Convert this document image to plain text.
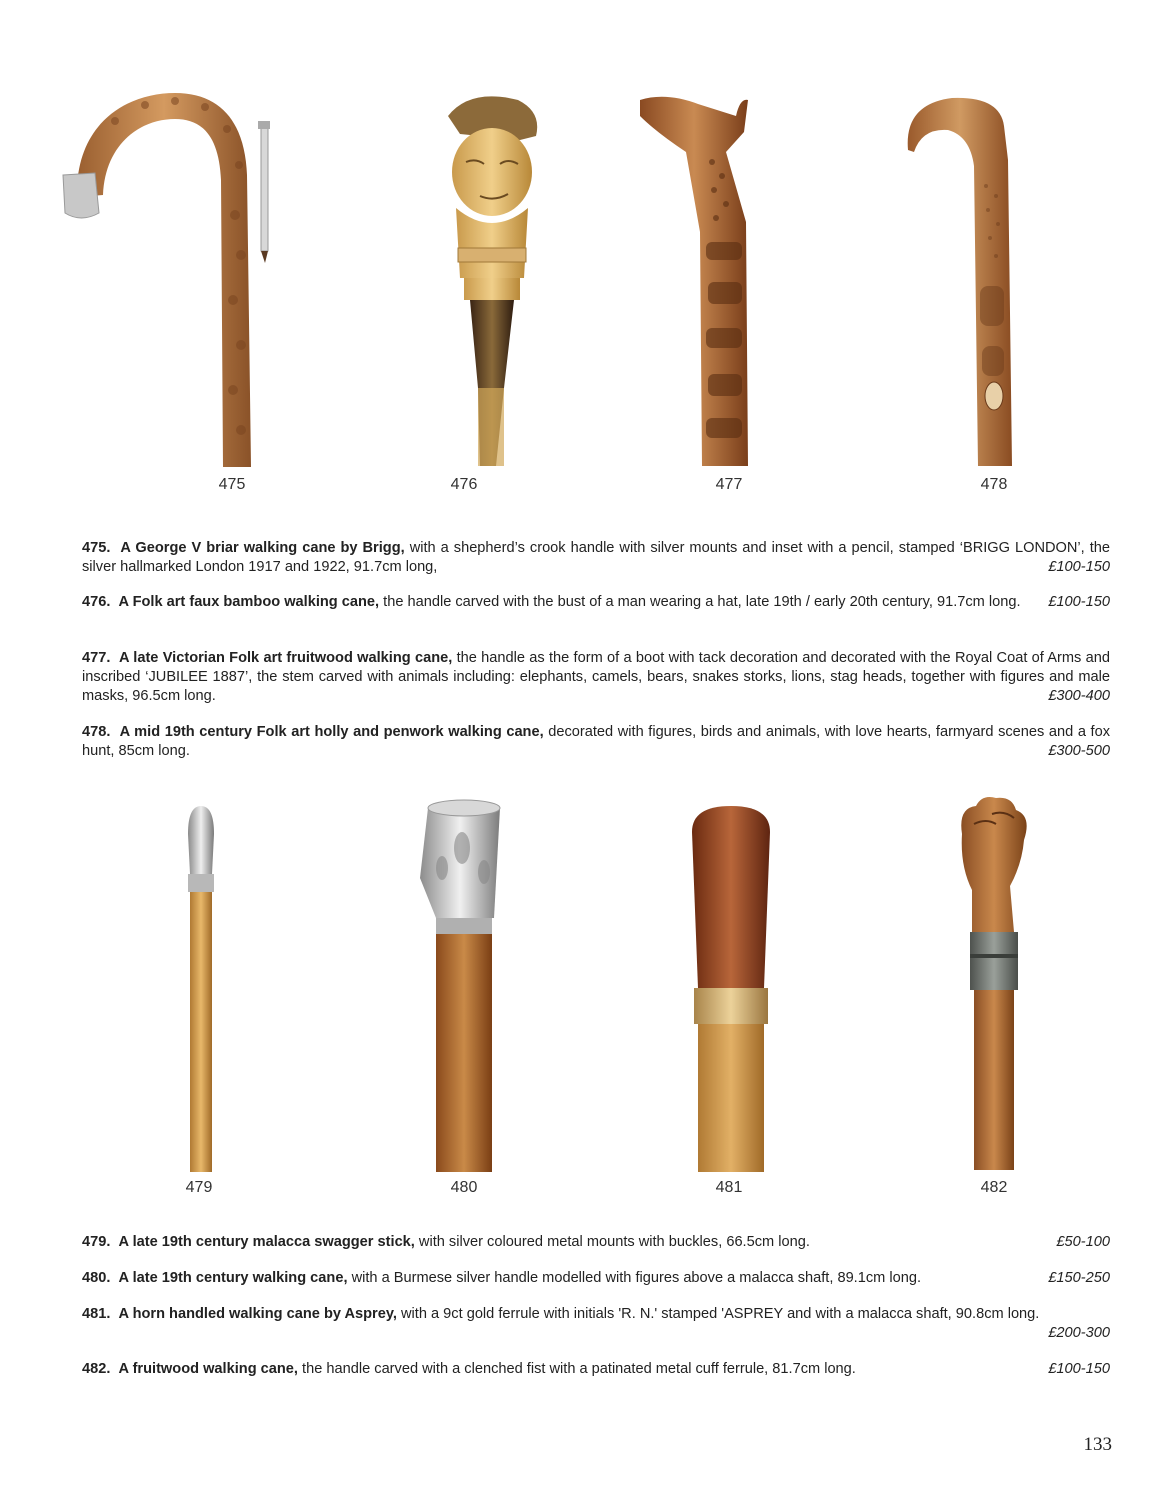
475	476	477	478
475. A George V briar walking cane by Brigg, with a shepherd’s crook handle with silver mounts and inset with a pencil, stamped ‘BRIGG LONDON’, the silver hallmarked London 1917 and 1922, 91.7cm long,	£100-150
476. A Folk art faux bamboo walking cane, the handle carved with the bust of a man wearing a hat, late 19th / early 20th century, 91.7cm long. £100-150
477. A late Victorian Folk art fruitwood walking cane, the handle as the form of a boot with tack decoration and decorated with the Royal Coat of Arms and inscribed ‘JUBILEE 1887’, the stem carved with animals including: elephants, camels, bears, snakes storks, lions, stag heads, together with figures and male masks, 96.5cm long.	£300-400
478. A mid 19th century Folk art holly and penwork walking cane, decorated with figures, birds and animals, with love hearts, farmyard scenes and a fox hunt, 85cm long.	£300-500
479	480	481	482
479. A late 19th century malacca swagger stick, with silver coloured metal mounts with buckles, 66.5cm long.	£50-100
480. A late 19th century walking cane, with a Burmese silver handle modelled with figures above a malacca shaft, 89.1cm long.	£150-250
481. A horn handled walking cane by Asprey, with a 9ct gold ferrule with initials 'R. N.' stamped 'ASPREY and with a malacca shaft, 90.8cm long.
£200-300
482. A fruitwood walking cane, the handle carved with a clenched fist with a patinated metal cuff ferrule, 81.7cm long.	£100-150
133
